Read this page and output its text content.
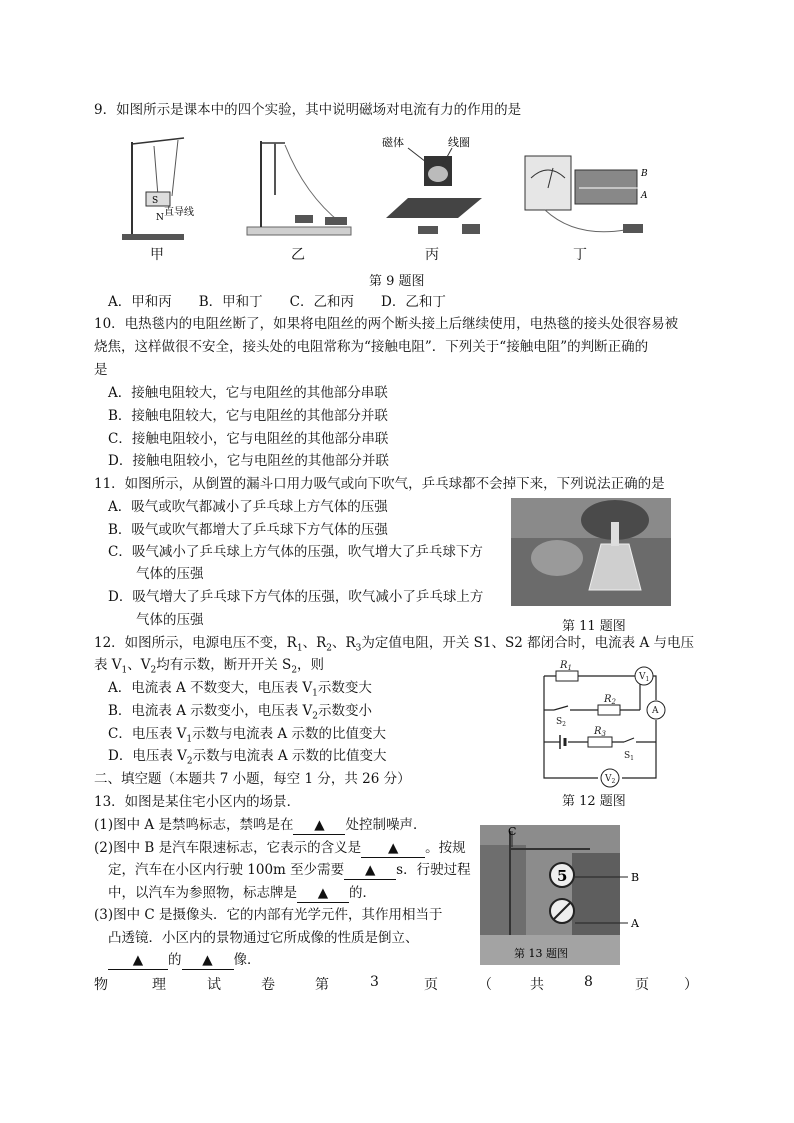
9．如图所示是课本中的四个实验，其中说明磁场对电流有力的作用的是
S
N 直导线
磁体	线圈
B
A
甲	乙	丙	丁
第 9 题图
A．甲和丙　　B．甲和丁　　C．乙和丙　　D．乙和丁
10．电热毯内的电阻丝断了，如果将电阻丝的两个断头接上后继续使用，电热毯的接头处很容易被
烧焦，这样做很不安全，接头处的电阻常称为“接触电阻”．下列关于“接触电阻”的判断正确的
是
A．接触电阻较大，它与电阻丝的其他部分串联
B．接触电阻较大，它与电阻丝的其他部分并联
C．接触电阻较小，它与电阻丝的其他部分串联
D．接触电阻较小，它与电阻丝的其他部分并联
11．如图所示，从倒置的漏斗口用力吸气或向下吹气，乒乓球都不会掉下来，下列说法正确的是
A．吸气或吹气都减小了乒乓球上方气体的压强
B．吸气或吹气都增大了乒乓球下方气体的压强
C．吸气减小了乒乓球上方气体的压强，吹气增大了乒乓球下方
气体的压强
D．吸气增大了乒乓球下方气体的压强，吹气减小了乒乓球上方
气体的压强	第 11 题图
12．如图所示，电源电压不变，$R_1$、$R_2$、$R_3$为定值电阻，开关 S1、S2 都闭合时，电流表 A 与电压
表 $V_1$、$V_2$均有示数，断开开关 $S_2$，则
A．电流表 A 不数变大，电压表 $V_1$示数变大
B．电流表 A 示数变小，电压表 $V_2$示数变小
C．电压表 $V_1$示数与电流表 A 示数的比值变大
D．电压表 $V_2$示数与电流表 A 示数的比值变大
$R_1$
$R_2$
$R_3$
$V_1$
A
$V_2$
$S_2$
$S_1$
第 12 题图
二、填空题（本题共 7 小题，每空 1 分，共 26 分）
13．如图是某住宅小区内的场景．
(1)图中 A 是禁鸣标志，禁鸣是在 ▲ 处控制噪声．
(2)图中 B 是汽车限速标志，它表示的含义是 ▲ 。按规
定，汽车在小区内行驶 100m 至少需要 ▲ s．行驶过程
中，以汽车为参照物，标志牌是 ▲ 的．
(3)图中 C 是摄像头．它的内部有光学元件，其作用相当于
凸透镜．小区内的景物通过它所成像的性质是倒立、
▲ 的 ▲ 像．
5
C
B
A
第 13 题图
物	理	试	卷	第	3	页	（	共	8	页	）
